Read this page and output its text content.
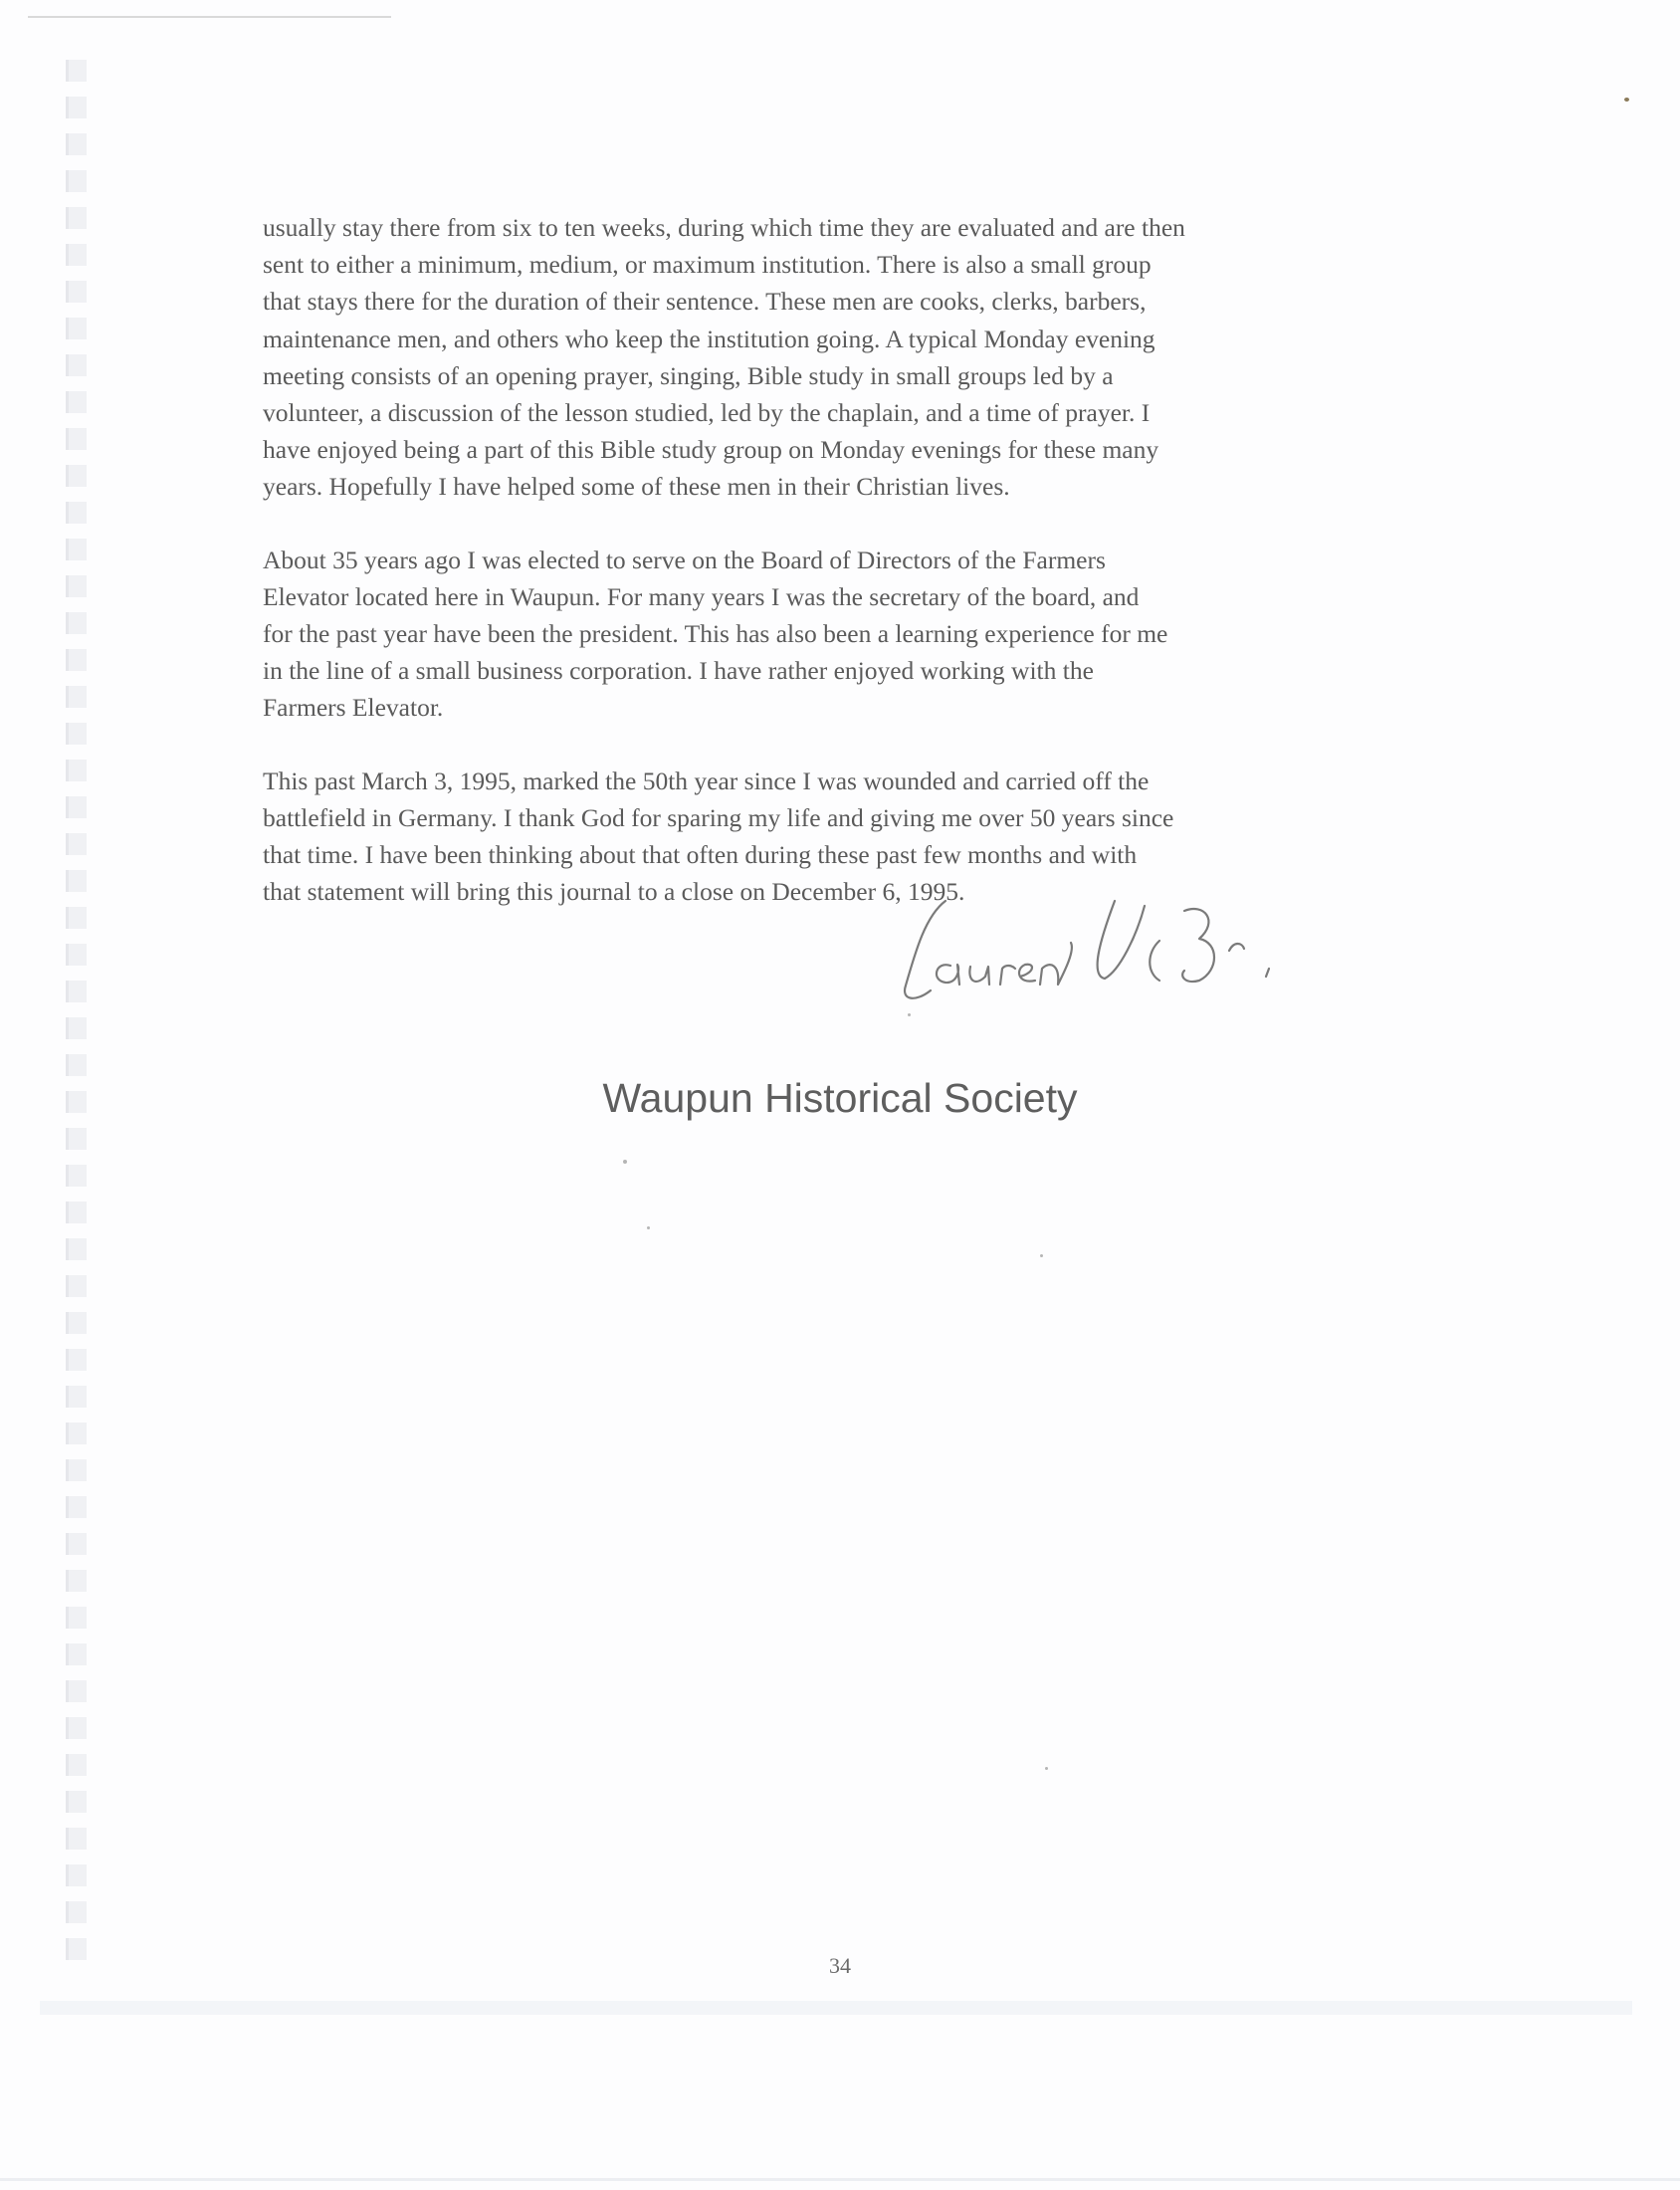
usually stay there from six to ten weeks, during which time they are evaluated and are then
sent to either a minimum, medium, or maximum institution. There is also a small group
that stays there for the duration of their sentence. These men are cooks, clerks, barbers,
maintenance men, and others who keep the institution going. A typical Monday evening
meeting consists of an opening prayer, singing, Bible study in small groups led by a
volunteer, a discussion of the lesson studied, led by the chaplain, and a time of prayer. I
have enjoyed being a part of this Bible study group on Monday evenings for these many
years. Hopefully I have helped some of these men in their Christian lives.

About 35 years ago I was elected to serve on the Board of Directors of the Farmers
Elevator located here in Waupun. For many years I was the secretary of the board, and
for the past year have been the president. This has also been a learning experience for me
in the line of a small business corporation. I have rather enjoyed working with the
Farmers Elevator.

This past March 3, 1995, marked the 50th year since I was wounded and carried off the
battlefield in Germany. I thank God for sparing my life and giving me over 50 years since
that time. I have been thinking about that often during these past few months and with
that statement will bring this journal to a close on December 6, 1995.

Waupun Historical Society
34
